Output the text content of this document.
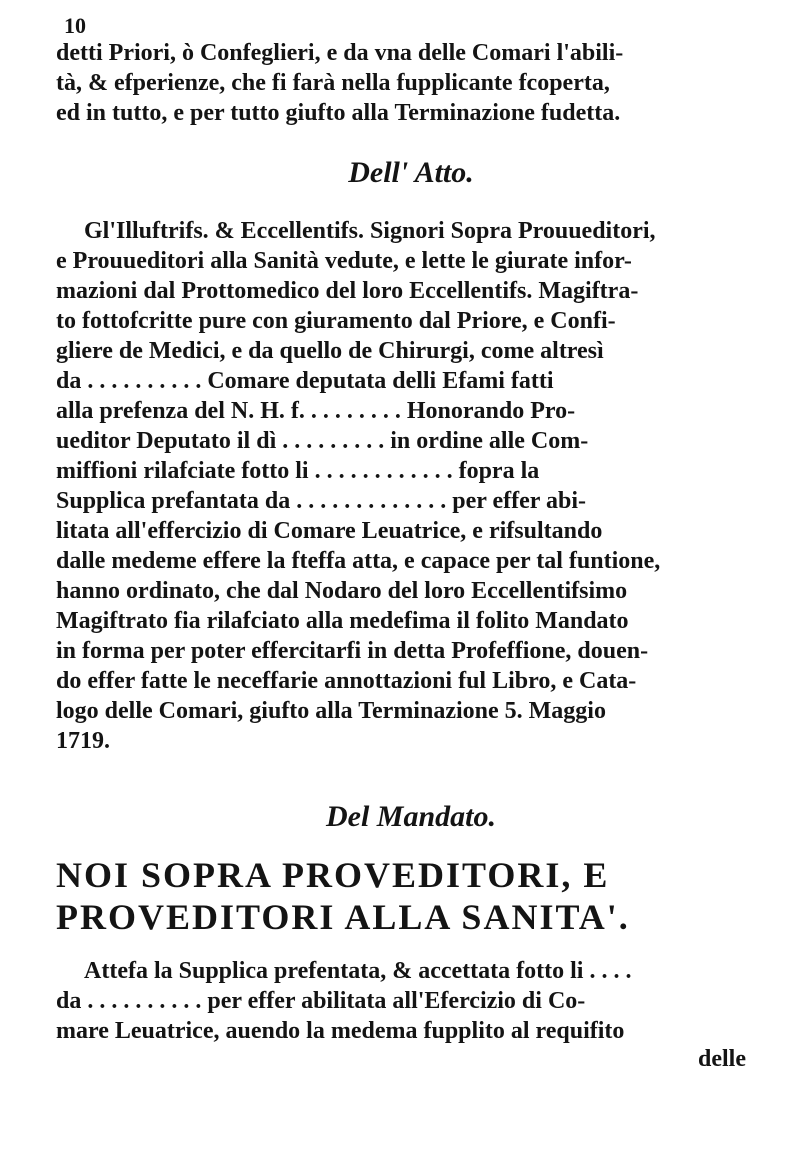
10

detti Priori, ò Confeglieri, e da vna delle Comari l'abili-
tà, & efperienze, che fi farà nella fupplicante fcoperta,
ed in tutto, e per tutto giufto alla Terminazione fudetta.

Dell' Atto.

Gl'Illuftrifs. & Eccellentifs. Signori Sopra Prouueditori,
e Prouueditori alla Sanità vedute, e lette le giurate infor-
mazioni dal Prottomedico del loro Eccellentifs. Magiftra-
to fottofcritte pure con giuramento dal Priore, e Confi-
gliere de Medici, e da quello de Chirurgi, come altresì
da . . . . . . . . . . Comare deputata delli Efami fatti
alla prefenza del N. H. f. . . . . . . . . Honorando Pro-
ueditor Deputato il dì . . . . . . . . . in ordine alle Com-
miffioni rilafciate fotto li . . . . . . . . . . . . fopra la
Supplica prefantata da . . . . . . . . . . . . . per effer abi-
litata all'effercizio di Comare Leuatrice, e rifsultando
dalle medeme effere la fteffa atta, e capace per tal funtione,
hanno ordinato, che dal Nodaro del loro Eccellentifsimo
Magiftrato fia rilafciato alla medefima il folito Mandato
in forma per poter effercitarfi in detta Profeffione, douen-
do effer fatte le neceffarie annottazioni ful Libro, e Cata-
logo delle Comari, giufto alla Terminazione 5. Maggio
1719.

Del Mandato.
NOI SOPRA PROVEDITORI, E
PROVEDITORI ALLA SANITA'.

Attefa la Supplica prefentata, & accettata fotto li . . . .
da . . . . . . . . . . per effer abilitata all'Efercizio di Co-
mare Leuatrice, auendo la medema fupplito al requifito

delle
